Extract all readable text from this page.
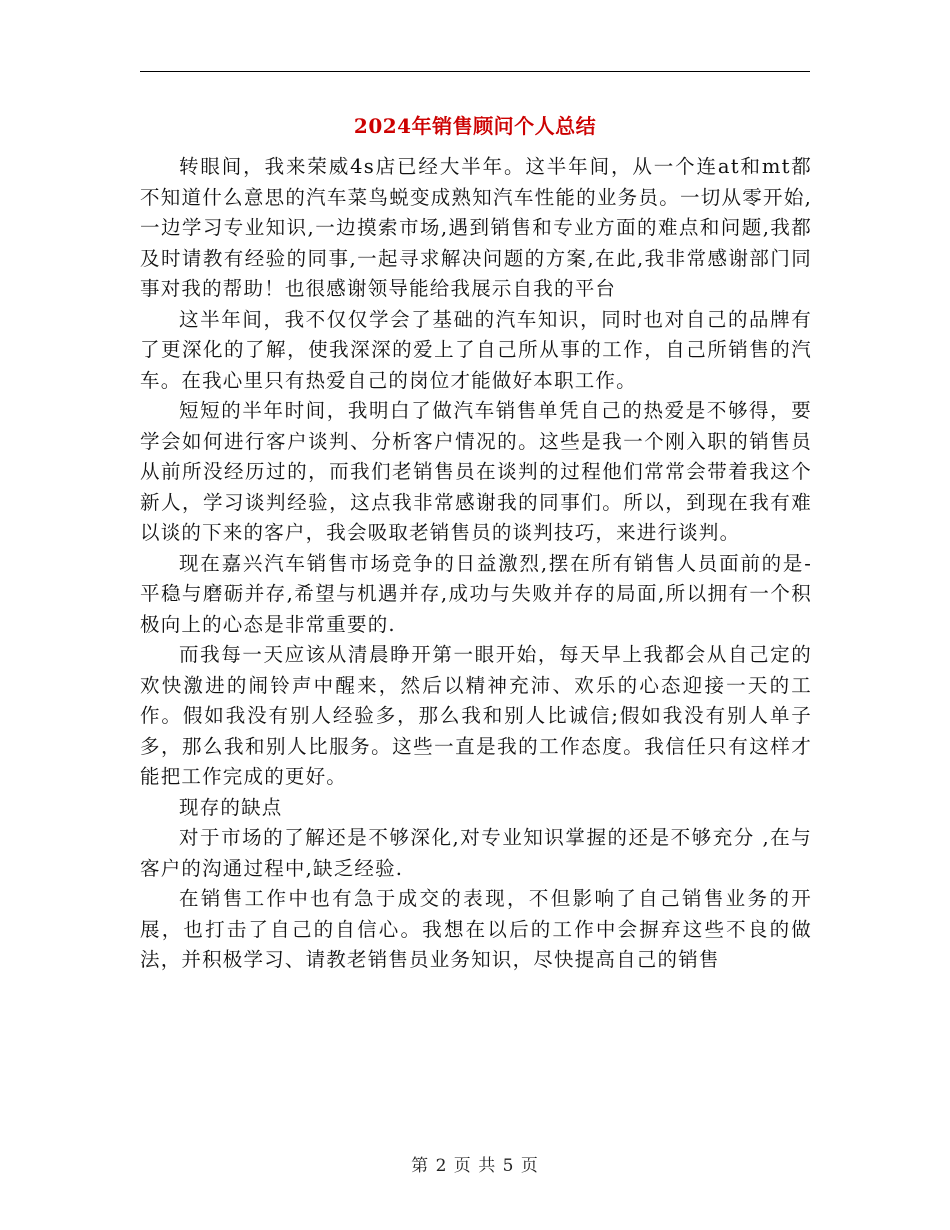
2024年销售顾问个人总结

转眼间，我来荣威4s店已经大半年。这半年间，从一个连at和mt都不知道什么意思的汽车菜鸟蜕变成熟知汽车性能的业务员。一切从零开始,一边学习专业知识,一边摸索市场,遇到销售和专业方面的难点和问题,我都及时请教有经验的同事,一起寻求解决问题的方案,在此,我非常感谢部门同事对我的帮助！也很感谢领导能给我展示自我的平台

这半年间，我不仅仅学会了基础的汽车知识，同时也对自己的品牌有了更深化的了解，使我深深的爱上了自己所从事的工作，自己所销售的汽车。在我心里只有热爱自己的岗位才能做好本职工作。

短短的半年时间，我明白了做汽车销售单凭自己的热爱是不够得，要学会如何进行客户谈判、分析客户情况的。这些是我一个刚入职的销售员从前所没经历过的，而我们老销售员在谈判的过程他们常常会带着我这个新人，学习谈判经验，这点我非常感谢我的同事们。所以，到现在我有难以谈的下来的客户，我会吸取老销售员的谈判技巧，来进行谈判。

现在嘉兴汽车销售市场竞争的日益激烈,摆在所有销售人员面前的是-平稳与磨砺并存,希望与机遇并存,成功与失败并存的局面,所以拥有一个积极向上的心态是非常重要的.

而我每一天应该从清晨睁开第一眼开始，每天早上我都会从自己定的欢快激进的闹铃声中醒来，然后以精神充沛、欢乐的心态迎接一天的工作。假如我没有别人经验多，那么我和别人比诚信;假如我没有别人单子多，那么我和别人比服务。这些一直是我的工作态度。我信任只有这样才能把工作完成的更好。

现存的缺点

对于市场的了解还是不够深化,对专业知识掌握的还是不够充分 ,在与客户的沟通过程中,缺乏经验.

在销售工作中也有急于成交的表现，不但影响了自己销售业务的开展，也打击了自己的自信心。我想在以后的工作中会摒弃这些不良的做法，并积极学习、请教老销售员业务知识，尽快提高自己的销售

第 2 页 共 5 页
